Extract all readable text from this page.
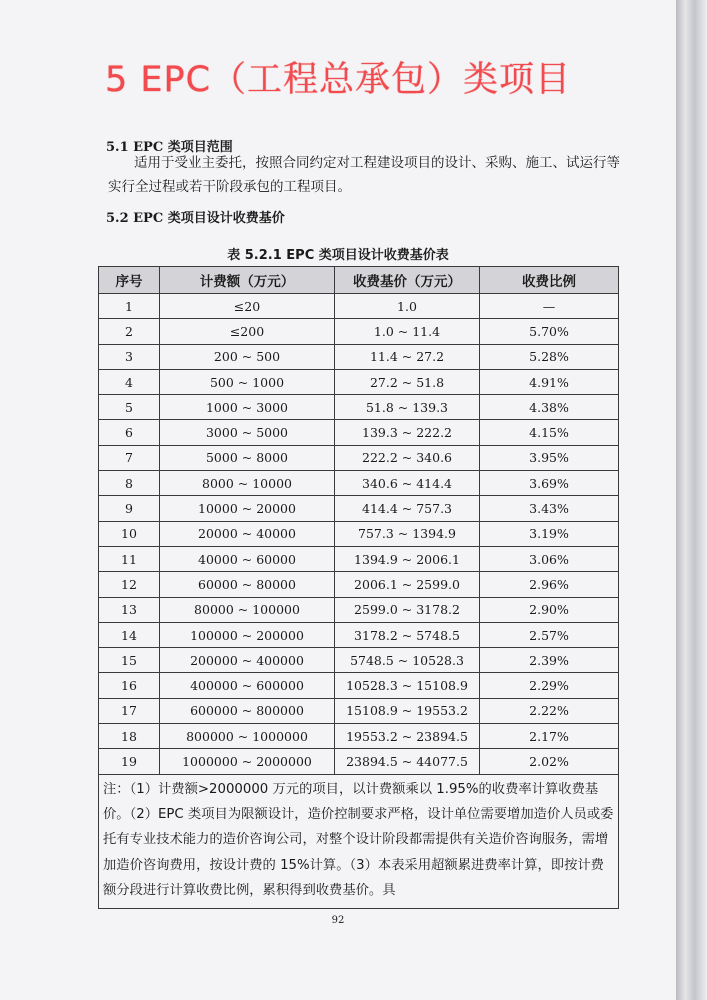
5 EPC（工程总承包）类项目
5.1 EPC 类项目范围
适用于受业主委托，按照合同约定对工程建设项目的设计、采购、施工、试运行等实行全过程或若干阶段承包的工程项目。
5.2 EPC 类项目设计收费基价
表 5.2.1 EPC 类项目设计收费基价表
序号	计费额（万元）	收费基价（万元）	收费比例
1	≤20	1.0	—
2	≤200	1.0 ~ 11.4	5.70%
3	200 ~ 500	11.4 ~ 27.2	5.28%
4	500 ~ 1000	27.2 ~ 51.8	4.91%
5	1000 ~ 3000	51.8 ~ 139.3	4.38%
6	3000 ~ 5000	139.3 ~ 222.2	4.15%
7	5000 ~ 8000	222.2 ~ 340.6	3.95%
8	8000 ~ 10000	340.6 ~ 414.4	3.69%
9	10000 ~ 20000	414.4 ~ 757.3	3.43%
10	20000 ~ 40000	757.3 ~ 1394.9	3.19%
11	40000 ~ 60000	1394.9 ~ 2006.1	3.06%
12	60000 ~ 80000	2006.1 ~ 2599.0	2.96%
13	80000 ~ 100000	2599.0 ~ 3178.2	2.90%
14	100000 ~ 200000	3178.2 ~ 5748.5	2.57%
15	200000 ~ 400000	5748.5 ~ 10528.3	2.39%
16	400000 ~ 600000	10528.3 ~ 15108.9	2.29%
17	600000 ~ 800000	15108.9 ~ 19553.2	2.22%
18	800000 ~ 1000000	19553.2 ~ 23894.5	2.17%
19	1000000 ~ 2000000	23894.5 ~ 44077.5	2.02%
注：（1）计费额>2000000 万元的项目，以计费额乘以 1.95%的收费率计算收费基价。（2）EPC 类项目为限额设计，造价控制要求严格，设计单位需要增加造价人员或委托有专业技术能力的造价咨询公司，对整个设计阶段都需提供有关造价咨询服务，需增加造价咨询费用，按设计费的 15%计算。（3）本表采用超额累进费率计算，即按计费额分段进行计算收费比例，累积得到收费基价。具			
92
